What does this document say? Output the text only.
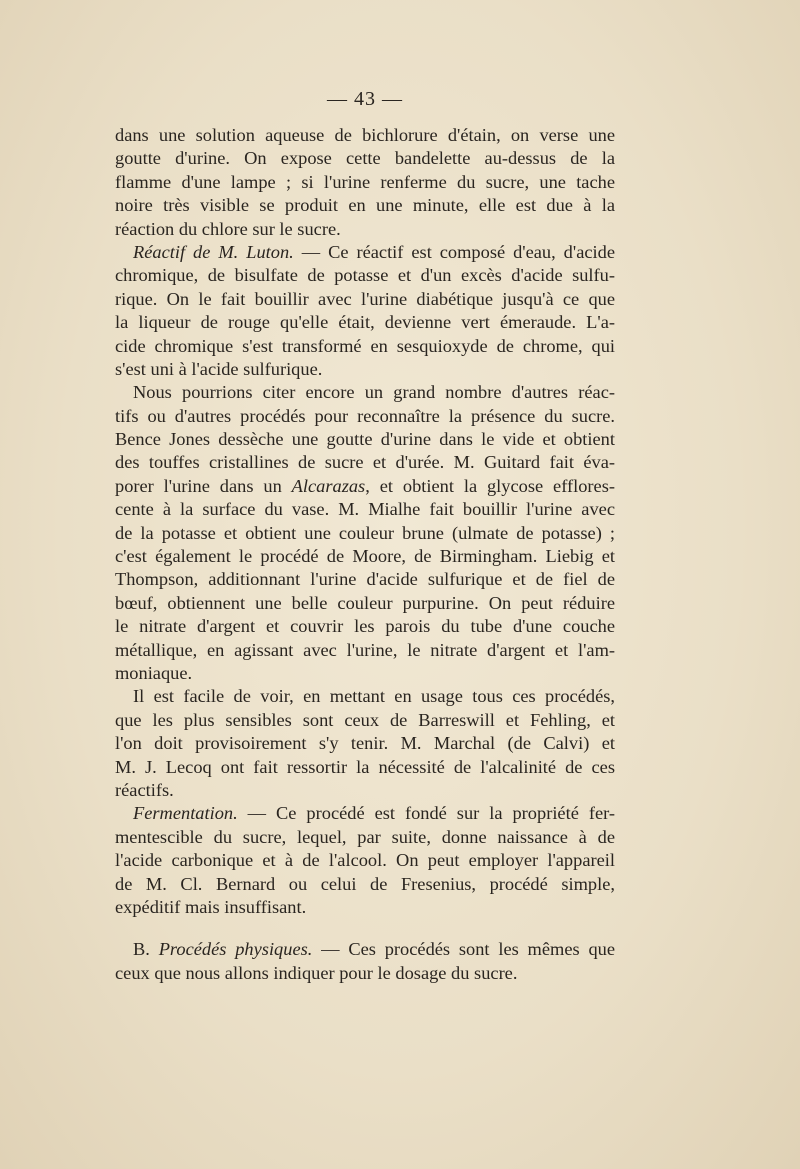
— 43 —
dans une solution aqueuse de bichlorure d'étain, on verse une
goutte d'urine. On expose cette bandelette au-dessus de la
flamme d'une lampe ; si l'urine renferme du sucre, une tache
noire très visible se produit en une minute, elle est due à la
réaction du chlore sur le sucre.
Réactif de M. Luton. — Ce réactif est composé d'eau, d'acide
chromique, de bisulfate de potasse et d'un excès d'acide sulfu-
rique. On le fait bouillir avec l'urine diabétique jusqu'à ce que
la liqueur de rouge qu'elle était, devienne vert émeraude. L'a-
cide chromique s'est transformé en sesquioxyde de chrome, qui
s'est uni à l'acide sulfurique.
Nous pourrions citer encore un grand nombre d'autres réac-
tifs ou d'autres procédés pour reconnaître la présence du sucre.
Bence Jones dessèche une goutte d'urine dans le vide et obtient
des touffes cristallines de sucre et d'urée. M. Guitard fait éva-
porer l'urine dans un Alcarazas, et obtient la glycose efflores-
cente à la surface du vase. M. Mialhe fait bouillir l'urine avec
de la potasse et obtient une couleur brune (ulmate de potasse) ;
c'est également le procédé de Moore, de Birmingham. Liebig et
Thompson, additionnant l'urine d'acide sulfurique et de fiel de
bœuf, obtiennent une belle couleur purpurine. On peut réduire
le nitrate d'argent et couvrir les parois du tube d'une couche
métallique, en agissant avec l'urine, le nitrate d'argent et l'am-
moniaque.
Il est facile de voir, en mettant en usage tous ces procédés,
que les plus sensibles sont ceux de Barreswill et Fehling, et
l'on doit provisoirement s'y tenir. M. Marchal (de Calvi) et
M. J. Lecoq ont fait ressortir la nécessité de l'alcalinité de ces
réactifs.
Fermentation. — Ce procédé est fondé sur la propriété fer-
mentescible du sucre, lequel, par suite, donne naissance à de
l'acide carbonique et à de l'alcool. On peut employer l'appareil
de M. Cl. Bernard ou celui de Fresenius, procédé simple,
expéditif mais insuffisant.
B. Procédés physiques. — Ces procédés sont les mêmes que
ceux que nous allons indiquer pour le dosage du sucre.
